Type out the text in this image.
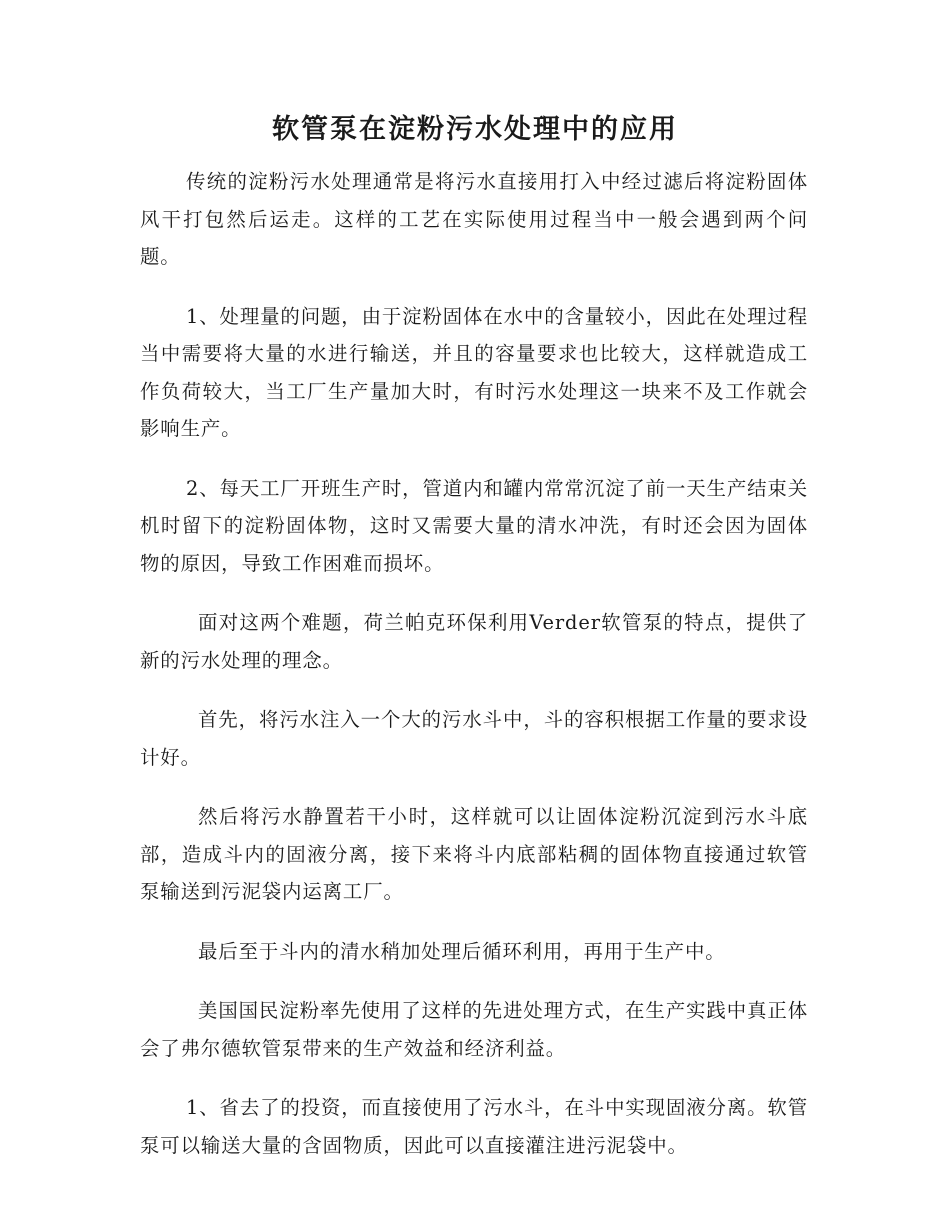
软管泵在淀粉污水处理中的应用

传统的淀粉污水处理通常是将污水直接用打入中经过滤后将淀粉固体风干打包然后运走。这样的工艺在实际使用过程当中一般会遇到两个问题。

1、处理量的问题，由于淀粉固体在水中的含量较小，因此在处理过程当中需要将大量的水进行输送，并且的容量要求也比较大，这样就造成工作负荷较大，当工厂生产量加大时，有时污水处理这一块来不及工作就会影响生产。

2、每天工厂开班生产时，管道内和罐内常常沉淀了前一天生产结束关机时留下的淀粉固体物，这时又需要大量的清水冲洗，有时还会因为固体物的原因，导致工作困难而损坏。

面对这两个难题，荷兰帕克环保利用Verder软管泵的特点，提供了新的污水处理的理念。

首先，将污水注入一个大的污水斗中，斗的容积根据工作量的要求设计好。

然后将污水静置若干小时，这样就可以让固体淀粉沉淀到污水斗底部，造成斗内的固液分离，接下来将斗内底部粘稠的固体物直接通过软管泵输送到污泥袋内运离工厂。

最后至于斗内的清水稍加处理后循环利用，再用于生产中。

美国国民淀粉率先使用了这样的先进处理方式，在生产实践中真正体会了弗尔德软管泵带来的生产效益和经济利益。

1、省去了的投资，而直接使用了污水斗，在斗中实现固液分离。软管泵可以输送大量的含固物质，因此可以直接灌注进污泥袋中。
